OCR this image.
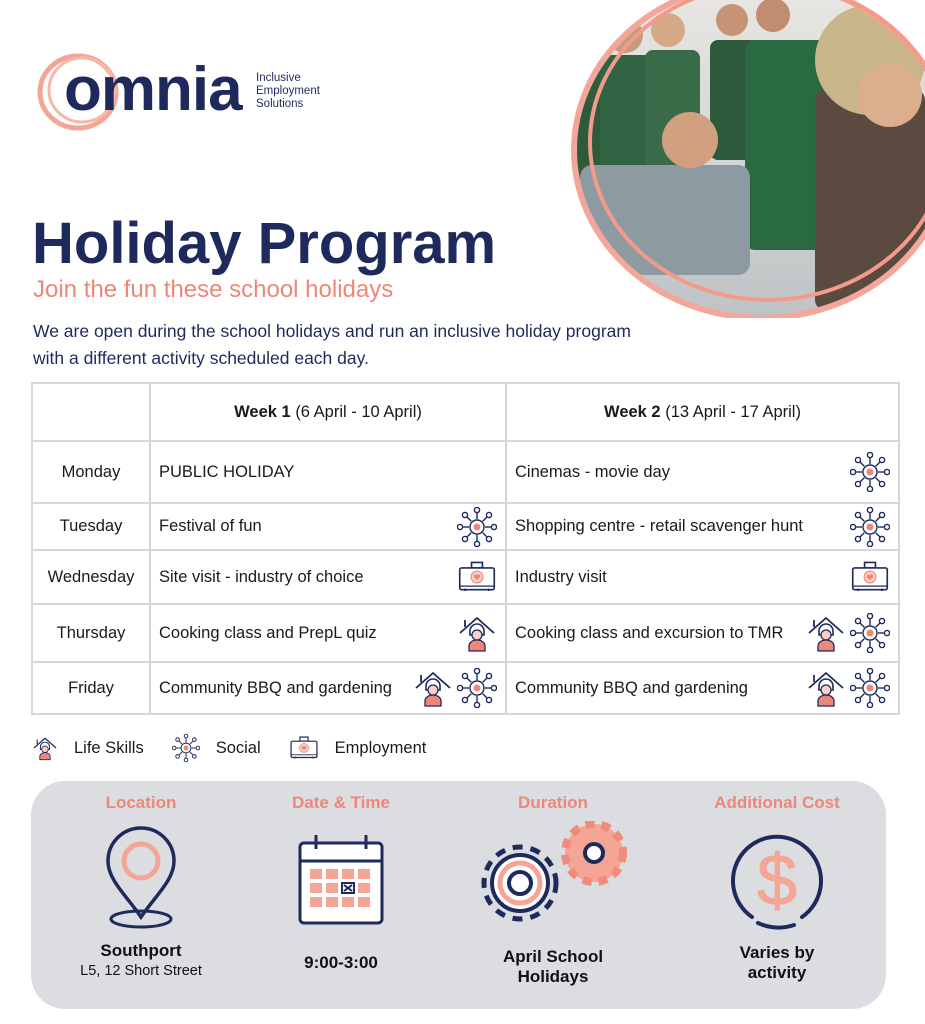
omnia Inclusive
Employment
Solutions
Holiday Program
Join the fun these school holidays
We are open during the school holidays and run an inclusive holiday program with a different activity scheduled each day.
	Week 1 (6 April - 10 April)	Week 2 (13 April - 17 April)
Monday	PUBLIC HOLIDAY	Cinemas - movie day

Tuesday	Festival of fun	Shopping centre - retail scavenger hunt

Wednesday	Site visit - industry of choice	Industry visit

Thursday	Cooking class and PrepL quiz	Cooking class and excursion to TMR

Friday	Community BBQ and gardening	Community BBQ and gardening
Life Skills	Social	Employment
Location
Southport
L5, 12 Short Street
Date & Time
9:00-3:00
Duration
April School
Holidays
Additional Cost
$
Varies by
activity
